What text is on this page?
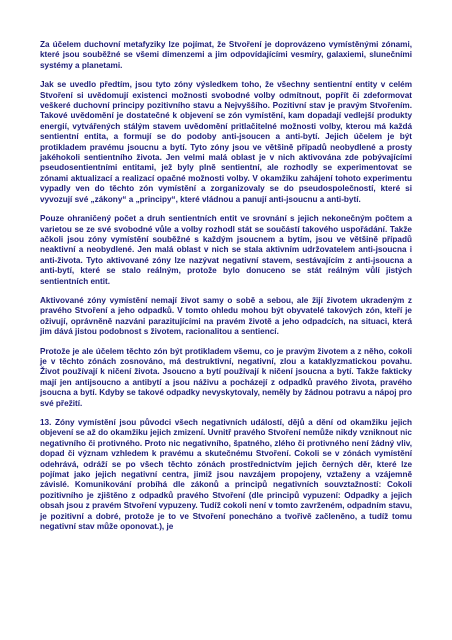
Za účelem duchovní metafyziky lze pojímat, že Stvoření je doprovázeno vymístěnými zónami, které jsou souběžné se všemi dimenzemi a jim odpovídajícími vesmíry, galaxiemi, slunečními systémy a planetami.

Jak se uvedlo předtím, jsou tyto zóny výsledkem toho, že všechny sentientní entity v celém Stvoření si uvědomují existenci možnosti svobodné volby odmítnout, popřít či zdeformovat veškeré duchovní principy pozitivního stavu a Nejvyššího. Pozitivní stav je pravým Stvořením. Takové uvědomění je dostatečné k objevení se zón vymístění, kam dopadají vedlejší produkty energií, vytvářených stálým stavem uvědomění pritlačitelné možnosti volby, kterou má každá sentientní entita, a formují se do podoby anti-jsoucen a anti-bytí. Jejich účelem je být protikladem pravému jsoucnu a bytí. Tyto zóny jsou ve většině případů neobydlené a prosty jakéhokoli sentientního života. Jen velmi malá oblast je v nich aktivována zde pobývajícími pseudosentientními entitami, jež byly plně sentientní, ale rozhodly se experimentovat se zónami aktualizací a realizací opačné možnosti volby. V okamžiku zahájení tohoto experimentu vypadly ven do těchto zón vymístění a zorganizovaly se do pseudospolečností, které si vyvozují své „zákony“ a „principy“, které vládnou a panují anti-jsoucnu a anti-bytí.

Pouze ohraničený počet a druh sentientních entit ve srovnání s jejich nekonečným počtem a varietou se ze své svobodné vůle a volby rozhodl stát se součástí takového uspořádání. Takže ačkoli jsou zóny vymístění souběžné s každým jsoucnem a bytím, jsou ve většině případů neaktivní a neobydlené. Jen malá oblast v nich se stala aktivním udržovatelem anti-jsoucna i anti-života. Tyto aktivované zóny lze nazývat negativní stavem, sestávajícím z anti-jsoucna a anti-bytí, které se stalo reálným, protože bylo donuceno se stát reálným vůlí jistých sentientních entit.

Aktivované zóny vymístění nemají život samy o sobě a sebou, ale žijí životem ukradeným z pravého Stvoření a jeho odpadků. V tomto ohledu mohou být obyvatelé takových zón, kteří je oživují, oprávněně nazváni parazitujícími na pravém životě a jeho odpadcích, na situaci, která jim dává jistou podobnost s životem, racionalitou a sentiencí.

Protože je ale účelem těchto zón být protikladem všemu, co je pravým životem a z něho, cokoli je v těchto zónách zosnováno, má destruktivní, negativní, zlou a kataklyzmatickou povahu. Život používají k ničení života. Jsoucno a bytí používají k ničení jsoucna a bytí. Takže fakticky mají jen antijsoucno a antibytí a jsou náživu a pocházejí z odpadků pravého života, pravého jsoucna a bytí. Kdyby se takové odpadky nevyskytovaly, neměly by žádnou potravu a nápoj pro své přežití.

13. Zóny vymístění jsou původci všech negativních událostí, dějů a dění od okamžiku jejich objevení se až do okamžiku jejich zmizení. Uvnitř pravého Stvoření nemůže nikdy vzniknout nic negativního či protivného. Proto nic negativního, špatného, zlého či protivného není žádný vliv, dopad či význam vzhledem k pravému a skutečnému Stvoření. Cokoli se v zónách vymístění odehrává, odráží se po všech těchto zónách prostřednictvím jejich černých děr, které lze pojímat jako jejich negativní centra, jimiž jsou navzájem propojeny, vztaženy a vzájemně závislé. Komunikování probíhá dle zákonů a principů negativních souvztažností: Cokoli pozitivního je zjištěno z odpadků pravého Stvoření (dle principů vypuzení: Odpadky a jejich obsah jsou z pravém Stvoření vypuzeny. Tudíž cokoli není v tomto zavrženém, odpadním stavu, je pozitivní a dobré, protože je to ve Stvoření ponecháno a tvořivě začleněno, a tudíž tomu negativní stav může oponovat.), je
